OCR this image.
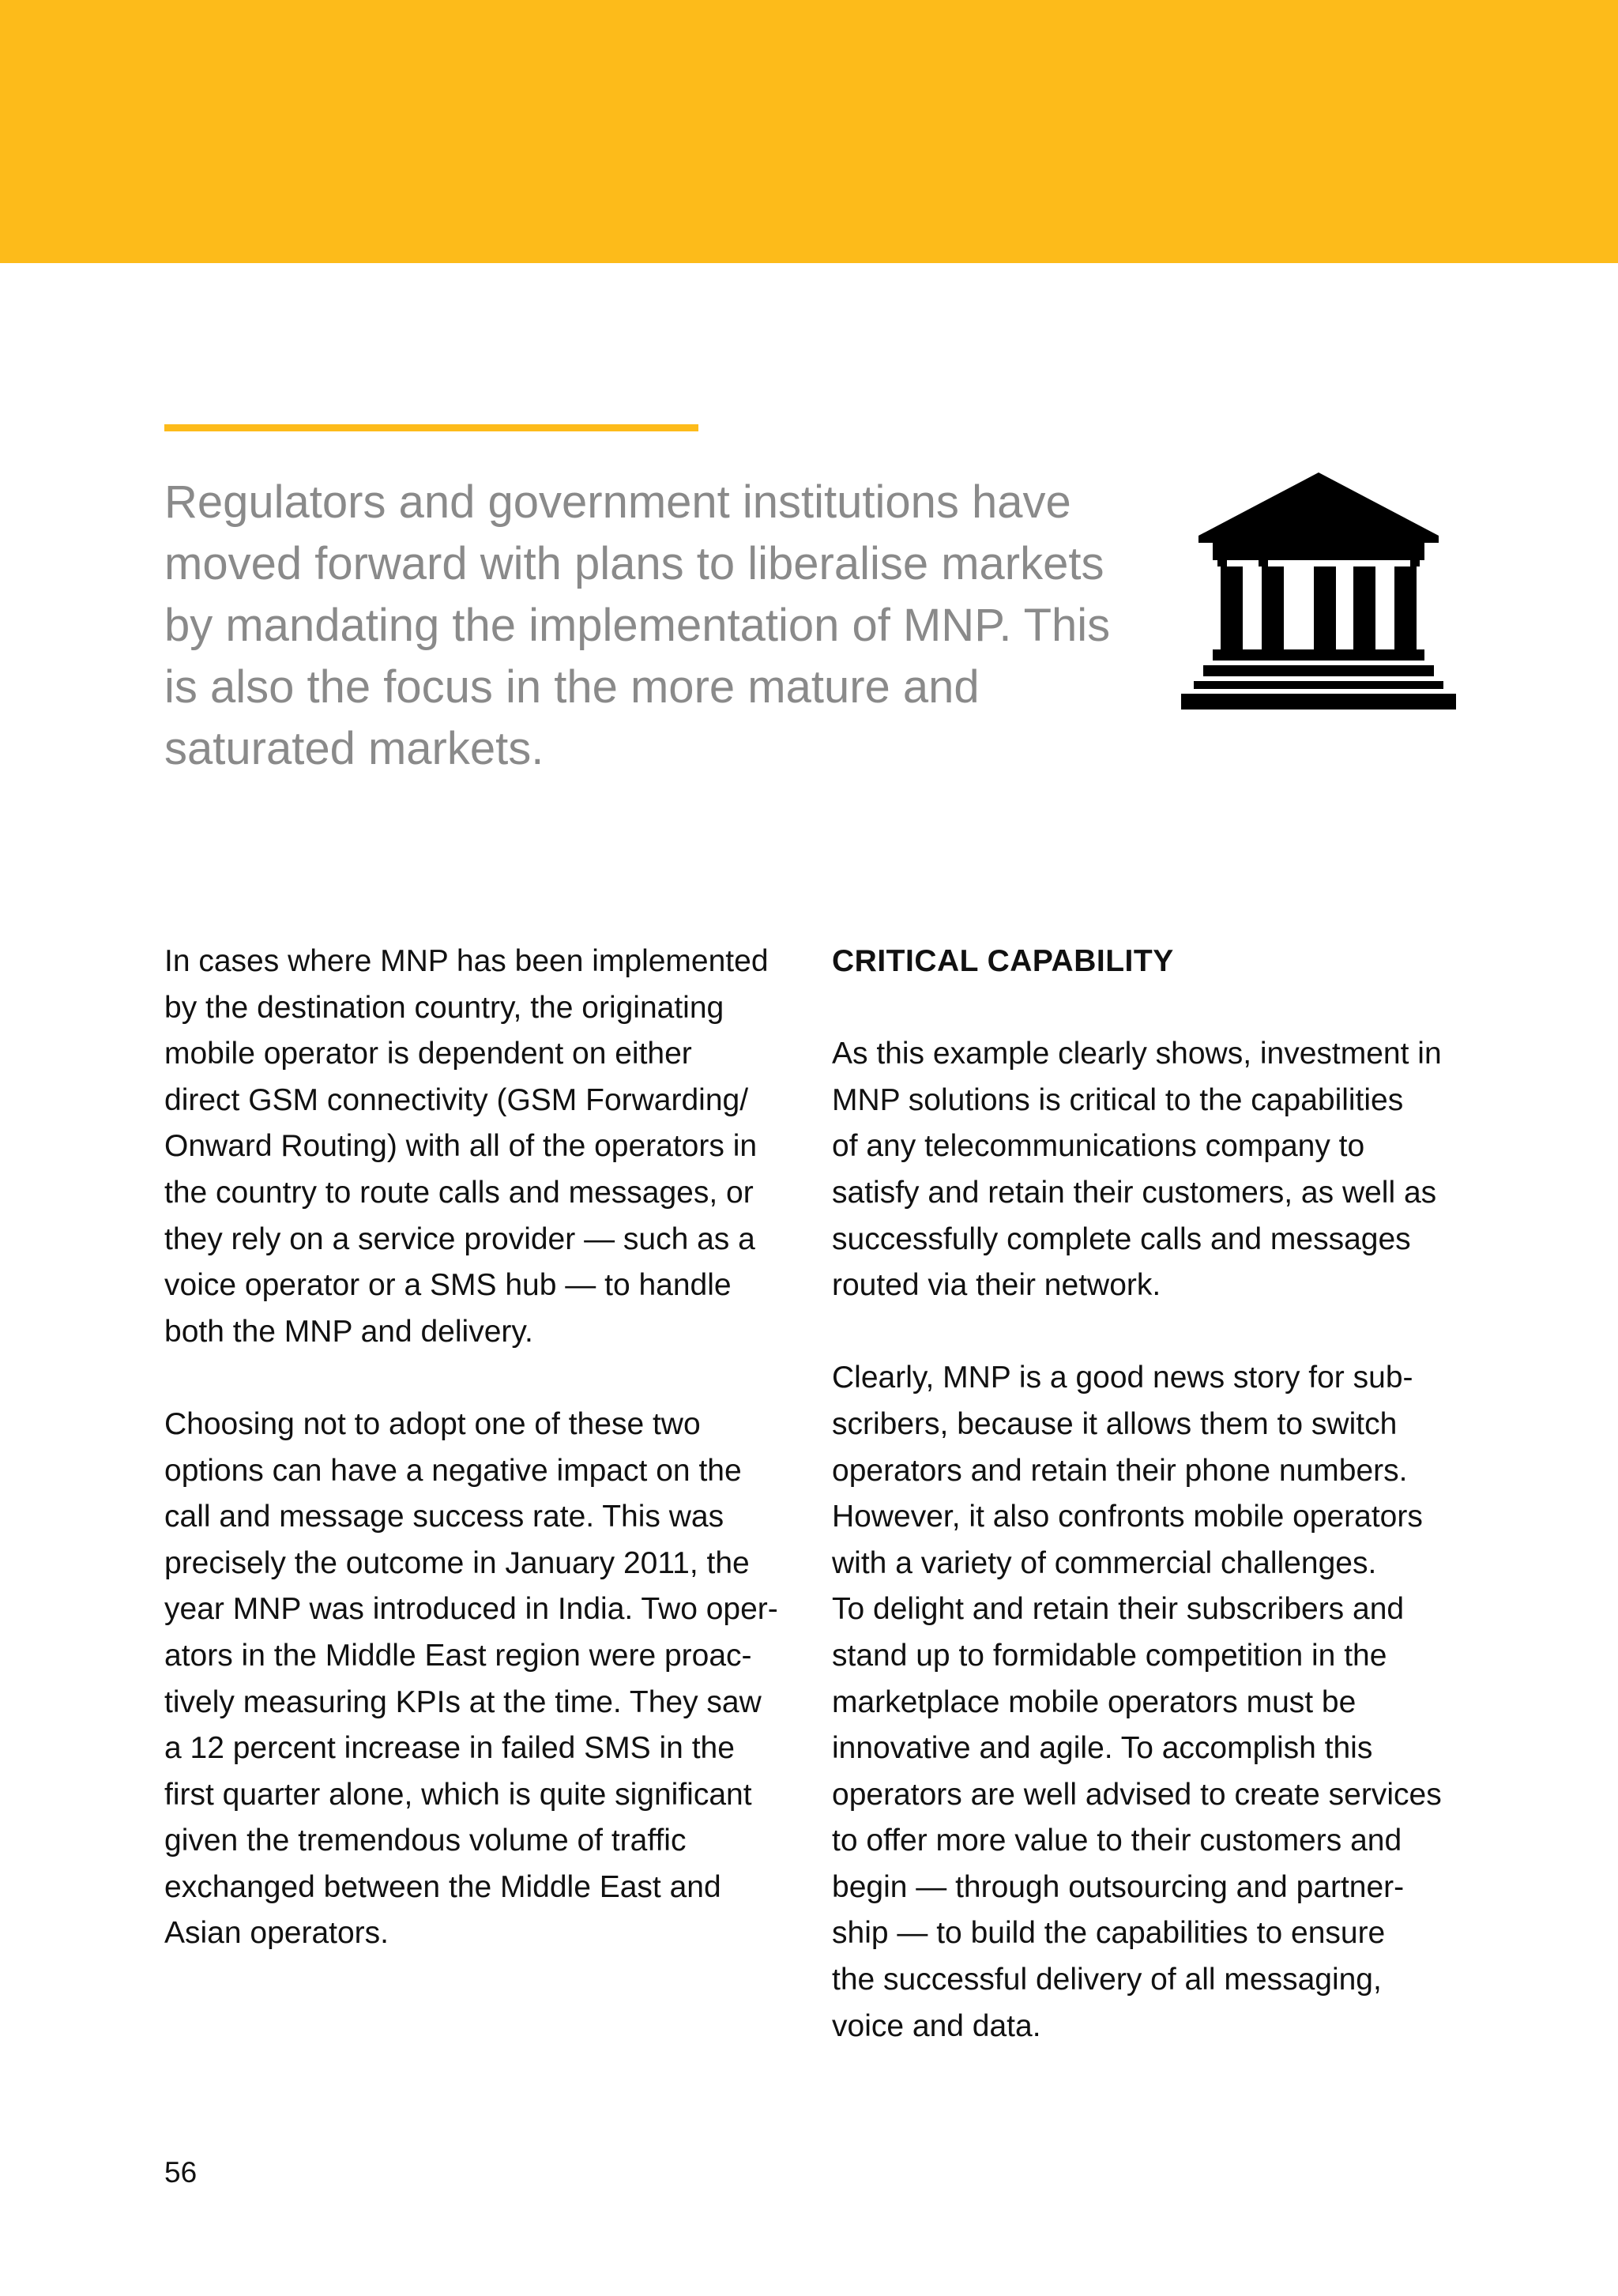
Regulators and government institutions have
moved forward with plans to liberalise markets
by mandating the implementation of MNP. This
is also the focus in the more mature and
saturated markets.

In cases where MNP has been implemented
by the destination country, the originating
mobile operator is dependent on either
direct GSM connectivity (GSM Forwarding/
Onward Routing) with all of the operators in
the country to route calls and messages, or
they rely on a service provider — such as a
voice operator or a SMS hub — to handle
both the MNP and delivery.

Choosing not to adopt one of these two
options can have a negative impact on the
call and message success rate. This was
precisely the outcome in January 2011, the
year MNP was introduced in India. Two oper-
ators in the Middle East region were proac-
tively measuring KPIs at the time. They saw
a 12 percent increase in failed SMS in the
first quarter alone, which is quite significant
given the tremendous volume of traffic
exchanged between the Middle East and
Asian operators.

CRITICAL CAPABILITY

As this example clearly shows, investment in
MNP solutions is critical to the capabilities
of any telecommunications company to
satisfy and retain their customers, as well as
successfully complete calls and messages
routed via their network.

Clearly, MNP is a good news story for sub-
scribers, because it allows them to switch
operators and retain their phone numbers.
However, it also confronts mobile operators
with a variety of commercial challenges.
To delight and retain their subscribers and
stand up to formidable competition in the
marketplace mobile operators must be
innovative and agile. To accomplish this
operators are well advised to create services
to offer more value to their customers and
begin — through outsourcing and partner-
ship — to build the capabilities to ensure
the successful delivery of all messaging,
voice and data.

56
